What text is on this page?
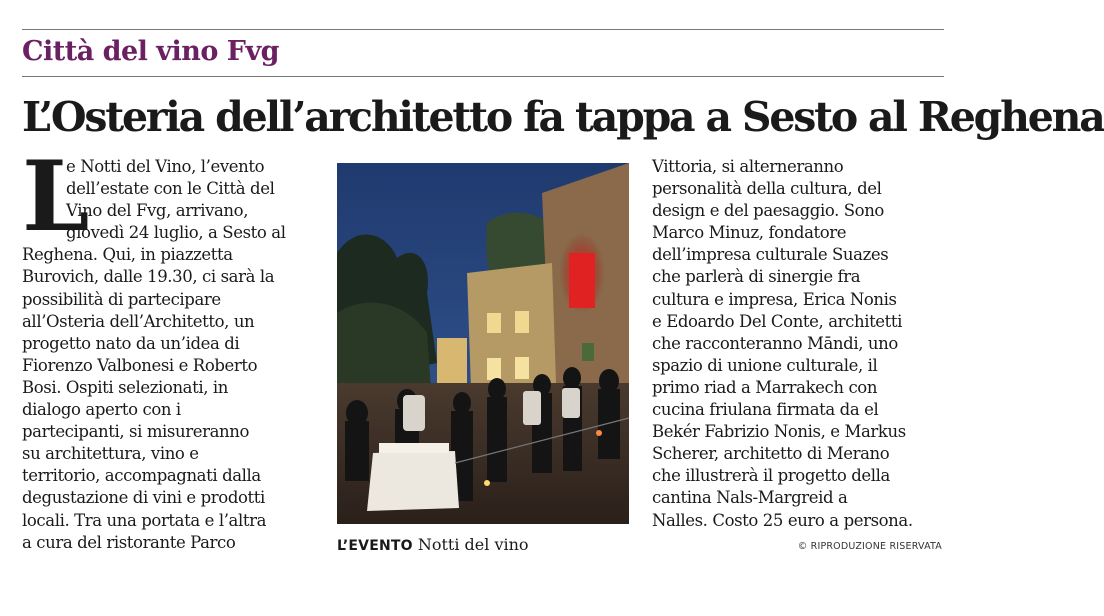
Città del vino Fvg
L’Osteria dell’architetto fa tappa a Sesto al Reghena
L
e Notti del Vino, l’evento
dell’estate con le Città del
Vino del Fvg, arrivano,
giovedì 24 luglio, a Sesto al
Reghena. Qui, in piazzetta
Burovich, dalle 19.30, ci sarà la
possibilità di partecipare
all’Osteria dell’Architetto, un
progetto nato da un’idea di
Fiorenzo Valbonesi e Roberto
Bosi. Ospiti selezionati, in
dialogo aperto con i
partecipanti, si misureranno
su architettura, vino e
territorio, accompagnati dalla
degustazione di vini e prodotti
locali. Tra una portata e l’altra
a cura del ristorante Parco	L’EVENTO Notti del vino
Vittoria, si alterneranno
personalità della cultura, del
design e del paesaggio. Sono
Marco Minuz, fondatore
dell’impresa culturale Suazes
che parlerà di sinergie fra
cultura e impresa, Erica Nonis
e Edoardo Del Conte, architetti
che racconteranno Māndi, uno
spazio di unione culturale, il
primo riad a Marrakech con
cucina friulana firmata da el
Bekér Fabrizio Nonis, e Markus
Scherer, architetto di Merano
che illustrerà il progetto della
cantina Nals-Margreid a
Nalles. Costo 25 euro a persona.
© RIPRODUZIONE RISERVATA
